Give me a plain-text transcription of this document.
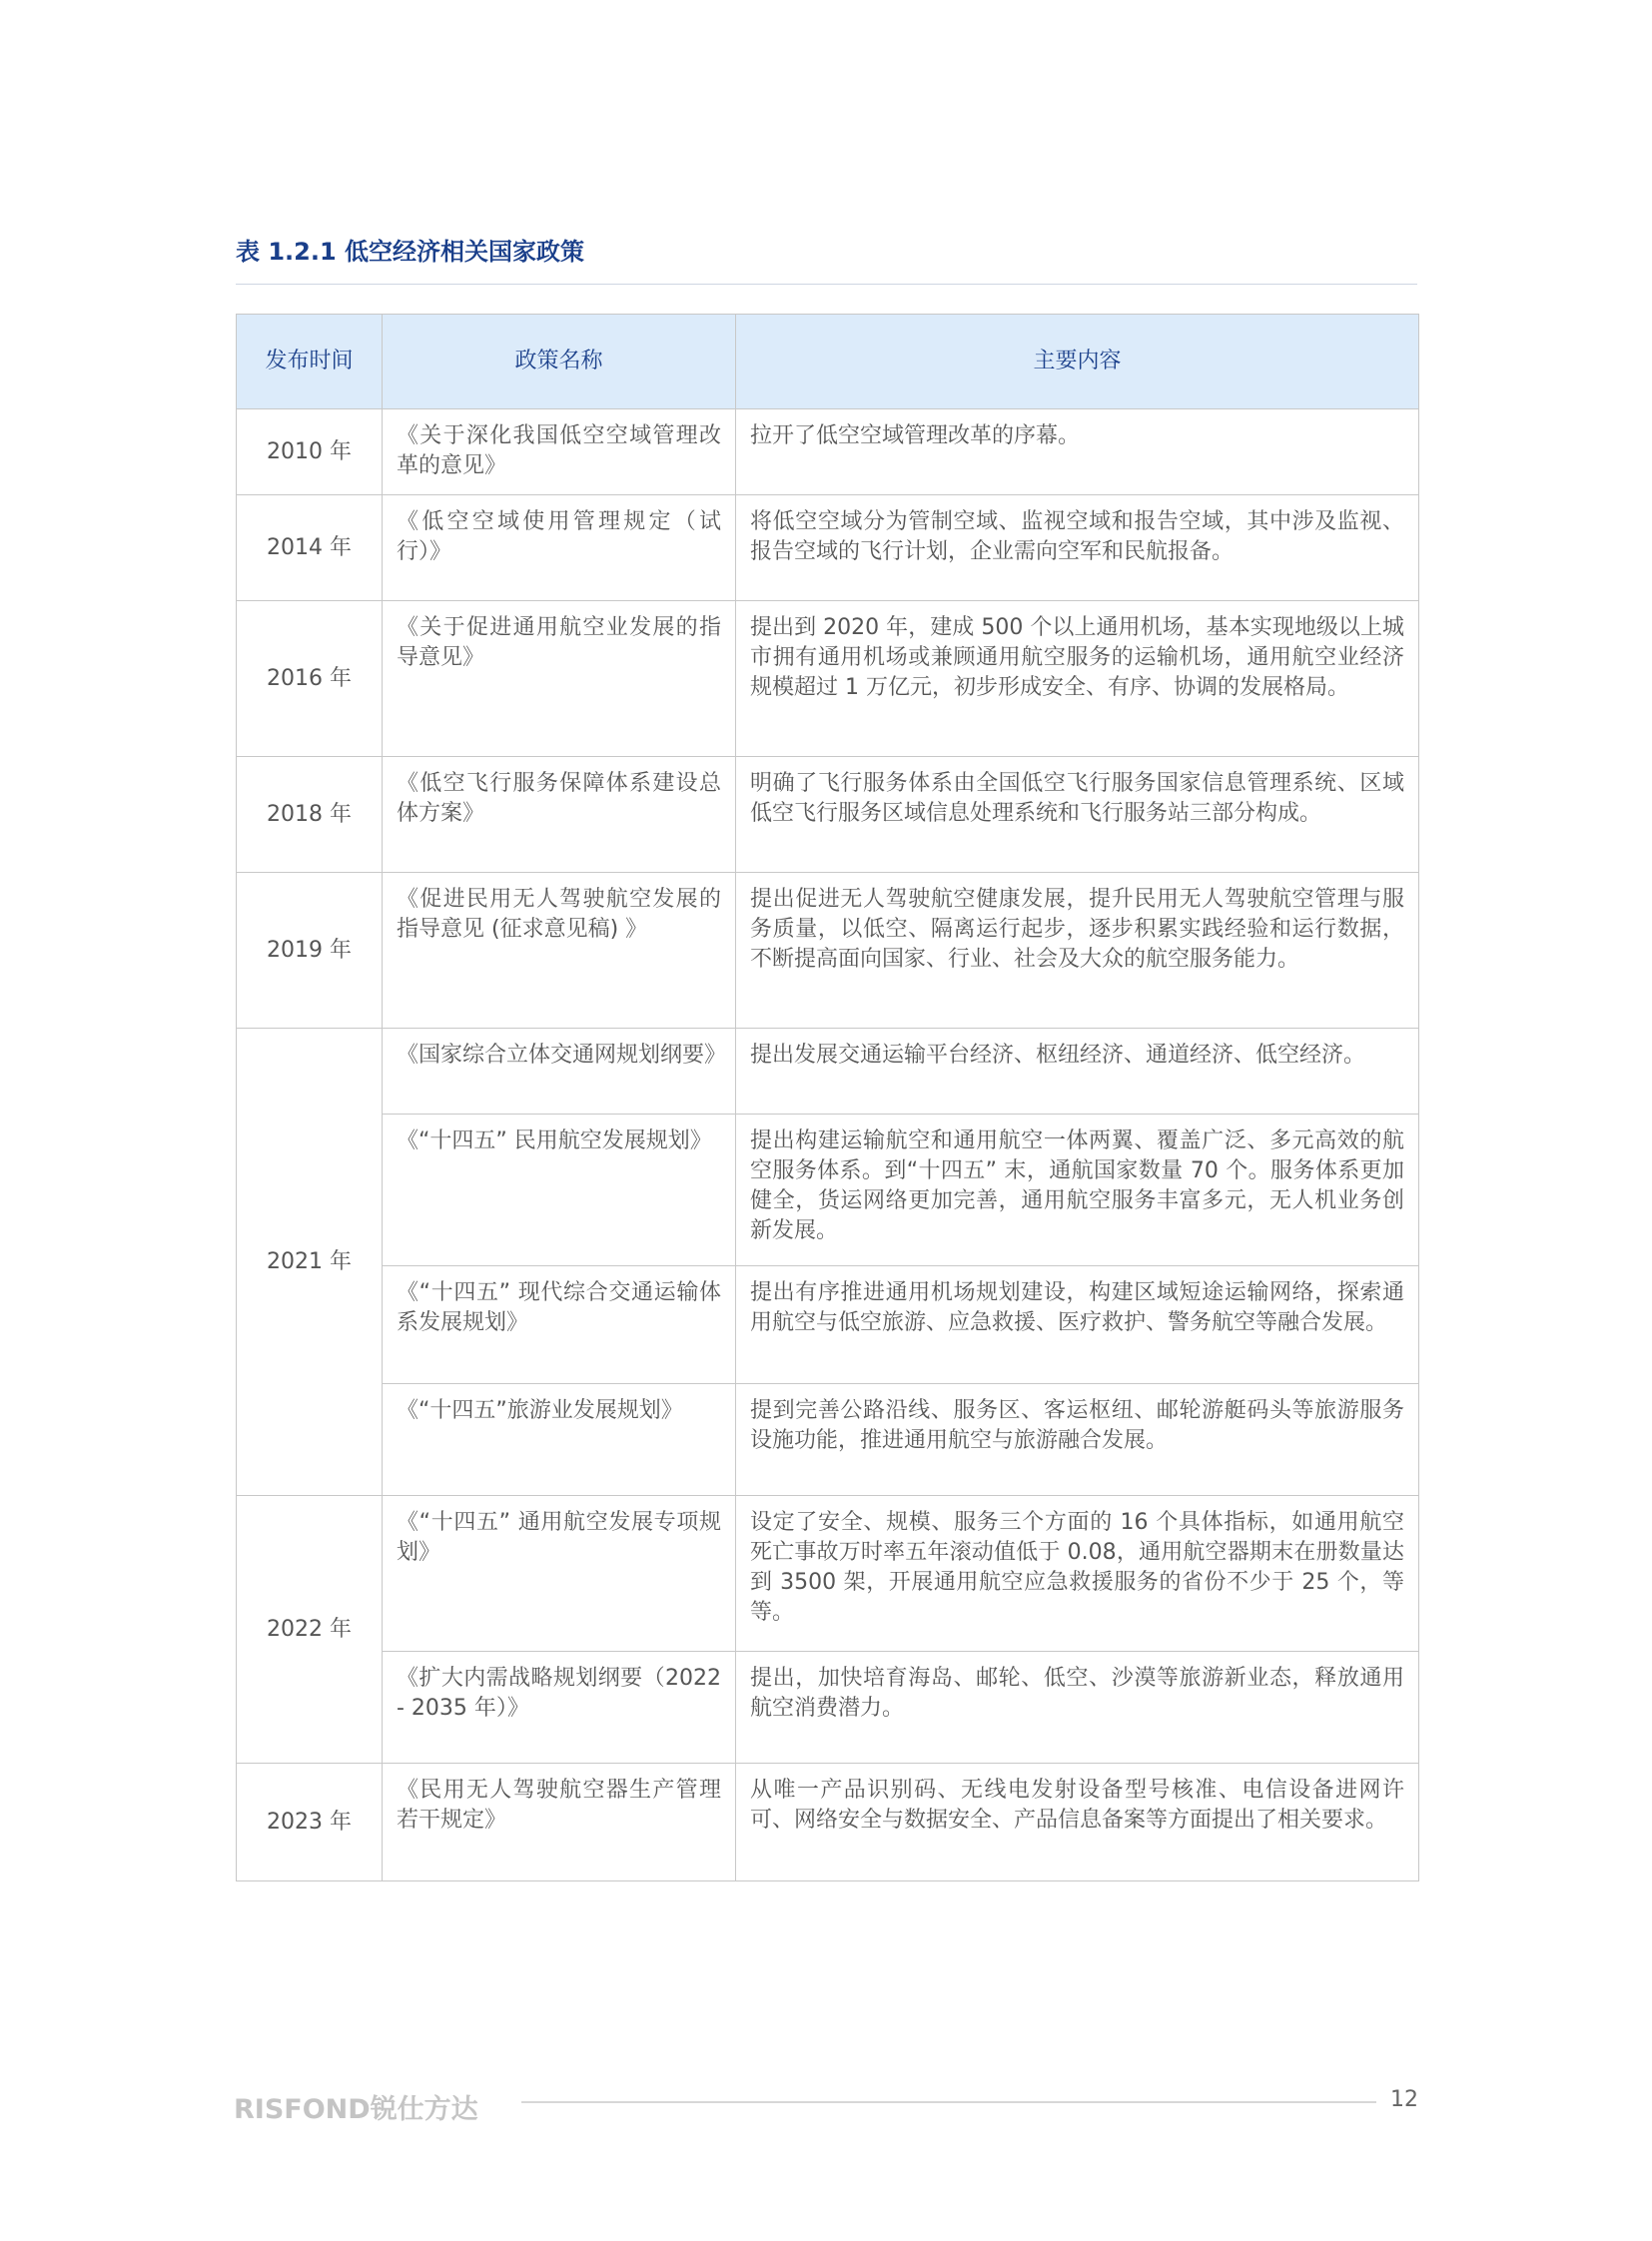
表 1.2.1 低空经济相关国家政策
发布时间	政策名称	主要内容
2010 年	《关于深化我国低空空域管理改革的意见》	拉开了低空空域管理改革的序幕。
2014 年	《低空空域使用管理规定（试行）》	将低空空域分为管制空域、监视空域和报告空域，其中涉及监视、报告空域的飞行计划，企业需向空军和民航报备。
2016 年	《关于促进通用航空业发展的指导意见》	提出到 2020 年，建成 500 个以上通用机场，基本实现地级以上城市拥有通用机场或兼顾通用航空服务的运输机场，通用航空业经济规模超过 1 万亿元，初步形成安全、有序、协调的发展格局。
2018 年	《低空飞行服务保障体系建设总体方案》	明确了飞行服务体系由全国低空飞行服务国家信息管理系统、区域低空飞行服务区域信息处理系统和飞行服务站三部分构成。
2019 年	《促进民用无人驾驶航空发展的指导意见 (征求意见稿) 》	提出促进无人驾驶航空健康发展，提升民用无人驾驶航空管理与服务质量，以低空、隔离运行起步，逐步积累实践经验和运行数据，不断提高面向国家、行业、社会及大众的航空服务能力。
2021 年	《国家综合立体交通网规划纲要》	提出发展交通运输平台经济、枢纽经济、通道经济、低空经济。
	《“十四五” 民用航空发展规划》	提出构建运输航空和通用航空一体两翼、覆盖广泛、多元高效的航空服务体系。到“十四五” 末，通航国家数量 70 个。服务体系更加健全，货运网络更加完善，通用航空服务丰富多元，无人机业务创新发展。
	《“十四五” 现代综合交通运输体系发展规划》	提出有序推进通用机场规划建设，构建区域短途运输网络，探索通用航空与低空旅游、应急救援、医疗救护、警务航空等融合发展。
	《“十四五”旅游业发展规划》	提到完善公路沿线、服务区、客运枢纽、邮轮游艇码头等旅游服务设施功能，推进通用航空与旅游融合发展。
2022 年	《“十四五” 通用航空发展专项规划》	设定了安全、规模、服务三个方面的 16 个具体指标，如通用航空死亡事故万时率五年滚动值低于 0.08，通用航空器期末在册数量达到 3500 架，开展通用航空应急救援服务的省份不少于 25 个，等等。
	《扩大内需战略规划纲要（2022 - 2035 年）》	提出，加快培育海岛、邮轮、低空、沙漠等旅游新业态，释放通用航空消费潜力。
2023 年	《民用无人驾驶航空器生产管理若干规定》	从唯一产品识别码、无线电发射设备型号核准、电信设备进网许可、网络安全与数据安全、产品信息备案等方面提出了相关要求。
RISFOND锐仕方达	12
